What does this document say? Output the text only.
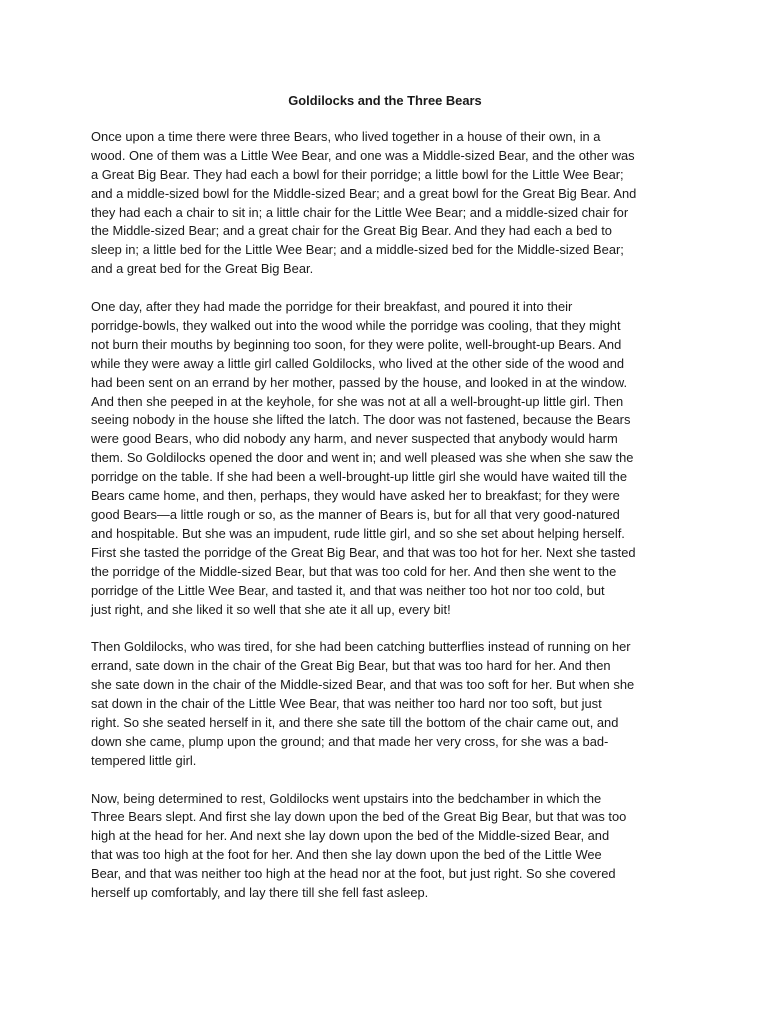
Goldilocks and the Three Bears

Once upon a time there were three Bears, who lived together in a house of their own, in a
wood. One of them was a Little Wee Bear, and one was a Middle-sized Bear, and the other was
a Great Big Bear. They had each a bowl for their porridge; a little bowl for the Little Wee Bear;
and a middle-sized bowl for the Middle-sized Bear; and a great bowl for the Great Big Bear. And
they had each a chair to sit in; a little chair for the Little Wee Bear; and a middle-sized chair for
the Middle-sized Bear; and a great chair for the Great Big Bear. And they had each a bed to
sleep in; a little bed for the Little Wee Bear; and a middle-sized bed for the Middle-sized Bear;
and a great bed for the Great Big Bear.

One day, after they had made the porridge for their breakfast, and poured it into their
porridge-bowls, they walked out into the wood while the porridge was cooling, that they might
not burn their mouths by beginning too soon, for they were polite, well-brought-up Bears. And
while they were away a little girl called Goldilocks, who lived at the other side of the wood and
had been sent on an errand by her mother, passed by the house, and looked in at the window.
And then she peeped in at the keyhole, for she was not at all a well-brought-up little girl. Then
seeing nobody in the house she lifted the latch. The door was not fastened, because the Bears
were good Bears, who did nobody any harm, and never suspected that anybody would harm
them. So Goldilocks opened the door and went in; and well pleased was she when she saw the
porridge on the table. If she had been a well-brought-up little girl she would have waited till the
Bears came home, and then, perhaps, they would have asked her to breakfast; for they were
good Bears—a little rough or so, as the manner of Bears is, but for all that very good-natured
and hospitable. But she was an impudent, rude little girl, and so she set about helping herself.
First she tasted the porridge of the Great Big Bear, and that was too hot for her. Next she tasted
the porridge of the Middle-sized Bear, but that was too cold for her. And then she went to the
porridge of the Little Wee Bear, and tasted it, and that was neither too hot nor too cold, but
just right, and she liked it so well that she ate it all up, every bit!

Then Goldilocks, who was tired, for she had been catching butterflies instead of running on her
errand, sate down in the chair of the Great Big Bear, but that was too hard for her. And then
she sate down in the chair of the Middle-sized Bear, and that was too soft for her. But when she
sat down in the chair of the Little Wee Bear, that was neither too hard nor too soft, but just
right. So she seated herself in it, and there she sate till the bottom of the chair came out, and
down she came, plump upon the ground; and that made her very cross, for she was a bad-
tempered little girl.

Now, being determined to rest, Goldilocks went upstairs into the bedchamber in which the
Three Bears slept. And first she lay down upon the bed of the Great Big Bear, but that was too
high at the head for her. And next she lay down upon the bed of the Middle-sized Bear, and
that was too high at the foot for her. And then she lay down upon the bed of the Little Wee
Bear, and that was neither too high at the head nor at the foot, but just right. So she covered
herself up comfortably, and lay there till she fell fast asleep.
